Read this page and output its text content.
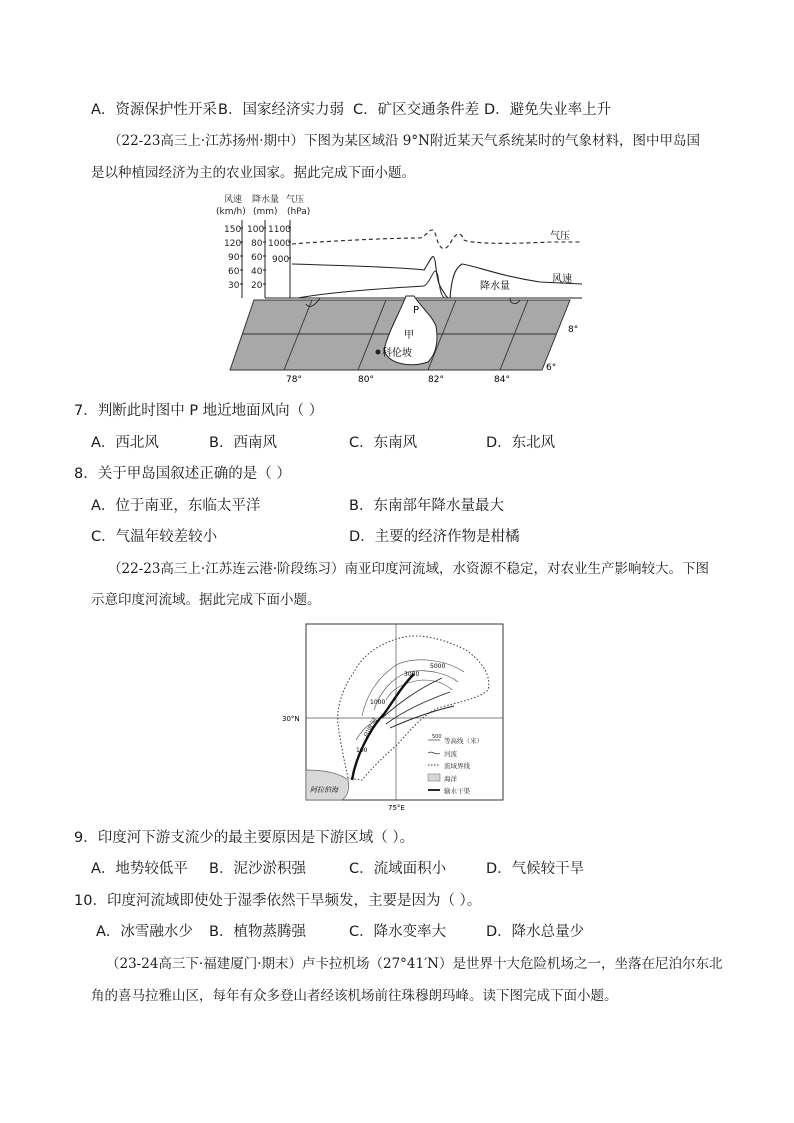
A．资源保护性开采 B．国家经济实力弱 C．矿区交通条件差 D．避免失业率上升
（22-23高三上·江苏扬州·期中）下图为某区域沿 9°N附近某天气系统某时的气象材料，图中甲岛国
是以种植园经济为主的农业国家。据此完成下面小题。
风速 降水量 气压
(km/h) (mm) (hPa)
150
120
90
60
30
100
80
60
40
20
1100
1000
900
气压
风速
降水量
P
甲
科伦坡
8°
6°
78°	80°	82°	84°
7．判断此时图中 P 地近地面风向（ ）
A．西北风	B．西南风	C．东南风	D．东北风
8．关于甲岛国叙述正确的是（ ）
A．位于南亚，东临太平洋	B．东南部年降水量最大
C．气温年较差较小	D．主要的经济作物是柑橘
（22-23高三上·江苏连云港·阶段练习）南亚印度河流域，水资源不稳定，对农业生产影响较大。下图
示意印度河流域。据此完成下面小题。
30°N
75°E
阿拉伯海
印度河
1000
3000
5000
100
500 等高线（米）
河流
流域界线
海洋
输水干渠
9．印度河下游支流少的最主要原因是下游区域（ ）。
A．地势较低平 B．泥沙淤积强	C．流域面积小	D．气候较干旱
10．印度河流域即使处于湿季依然干旱频发，主要是因为（ ）。
A．冰雪融水少 B．植物蒸腾强	C．降水变率大	D．降水总量少
（23-24高三下·福建厦门·期末）卢卡拉机场（27°41′N）是世界十大危险机场之一，坐落在尼泊尔东北
角的喜马拉雅山区，每年有众多登山者经该机场前往珠穆朗玛峰。读下图完成下面小题。
